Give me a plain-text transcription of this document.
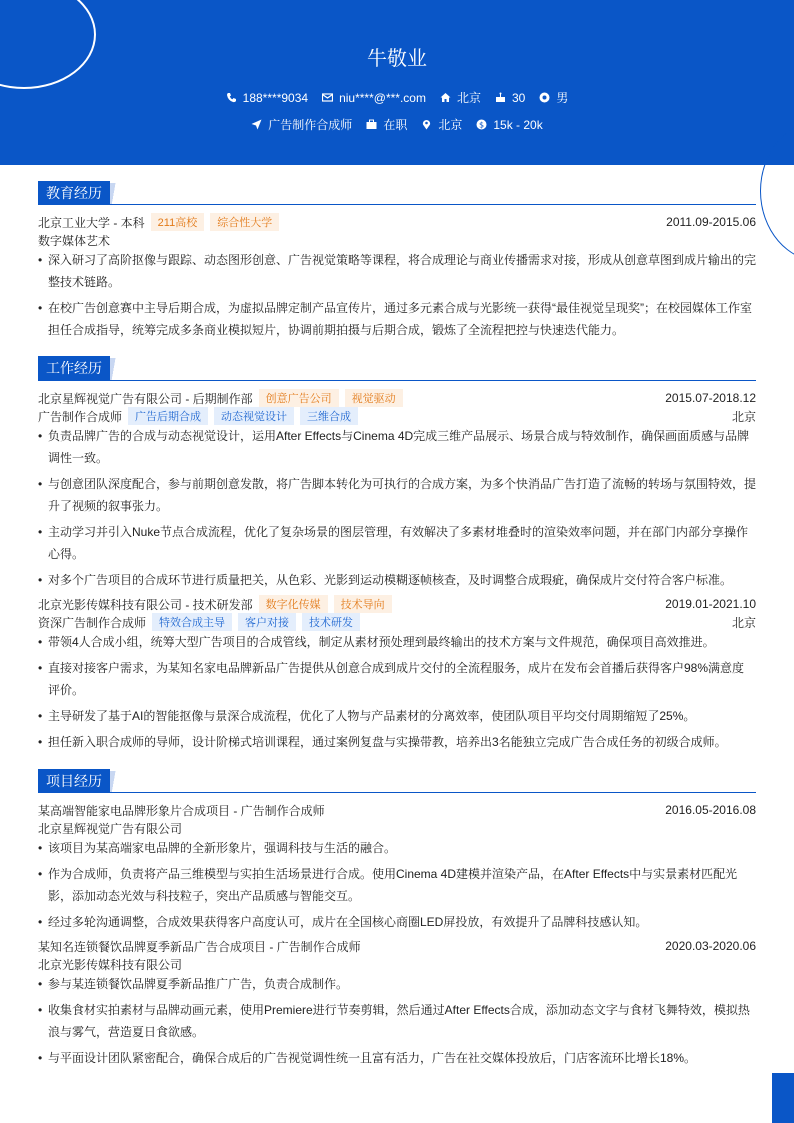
牛敬业
188****9034	niu****@***.com	北京	30	男
广告制作合成师	在职	北京 $ 15k - 20k
教育经历
北京工业大学 - 本科	211高校	综合性大学	2011.09-2015.06
数字媒体艺术
• 深入研习了高阶抠像与跟踪、动态图形创意、广告视觉策略等课程，将合成理论与商业传播需求对接，形成从创意草图到成片输出的完整技术链路。
• 在校广告创意赛中主导后期合成，为虚拟品牌定制产品宣传片，通过多元素合成与光影统一获得“最佳视觉呈现奖”；在校园媒体工作室担任合成指导，统筹完成多条商业模拟短片，协调前期拍摄与后期合成，锻炼了全流程把控与快速迭代能力。
工作经历
北京星辉视觉广告有限公司 - 后期制作部	创意广告公司	视觉驱动	2015.07-2018.12
广告制作合成师	广告后期合成	动态视觉设计	三维合成	北京
• 负责品牌广告的合成与动态视觉设计，运用After Effects与Cinema 4D完成三维产品展示、场景合成与特效制作，确保画面质感与品牌调性一致。
• 与创意团队深度配合，参与前期创意发散，将广告脚本转化为可执行的合成方案，为多个快消品广告打造了流畅的转场与氛围特效，提升了视频的叙事张力。
• 主动学习并引入Nuke节点合成流程，优化了复杂场景的图层管理，有效解决了多素材堆叠时的渲染效率问题，并在部门内部分享操作心得。
• 对多个广告项目的合成环节进行质量把关，从色彩、光影到运动模糊逐帧核查，及时调整合成瑕疵，确保成片交付符合客户标准。
北京光影传媒科技有限公司 - 技术研发部	数字化传媒	技术导向	2019.01-2021.10
资深广告制作合成师	特效合成主导	客户对接	技术研发	北京
• 带领4人合成小组，统筹大型广告项目的合成管线，制定从素材预处理到最终输出的技术方案与文件规范，确保项目高效推进。
• 直接对接客户需求，为某知名家电品牌新品广告提供从创意合成到成片交付的全流程服务，成片在发布会首播后获得客户98%满意度评价。
• 主导研发了基于AI的智能抠像与景深合成流程，优化了人物与产品素材的分离效率，使团队项目平均交付周期缩短了25%。
• 担任新入职合成师的导师，设计阶梯式培训课程，通过案例复盘与实操带教，培养出3名能独立完成广告合成任务的初级合成师。
项目经历
某高端智能家电品牌形象片合成项目 - 广告制作合成师	2016.05-2016.08
北京星辉视觉广告有限公司
• 该项目为某高端家电品牌的全新形象片，强调科技与生活的融合。
• 作为合成师，负责将产品三维模型与实拍生活场景进行合成。使用Cinema 4D建模并渲染产品，在After Effects中与实景素材匹配光影，添加动态光效与科技粒子，突出产品质感与智能交互。
• 经过多轮沟通调整，合成效果获得客户高度认可，成片在全国核心商圈LED屏投放，有效提升了品牌科技感认知。
某知名连锁餐饮品牌夏季新品广告合成项目 - 广告制作合成师	2020.03-2020.06
北京光影传媒科技有限公司
• 参与某连锁餐饮品牌夏季新品推广广告，负责合成制作。
• 收集食材实拍素材与品牌动画元素，使用Premiere进行节奏剪辑，然后通过After Effects合成，添加动态文字与食材飞舞特效，模拟热浪与雾气，营造夏日食欲感。
• 与平面设计团队紧密配合，确保合成后的广告视觉调性统一且富有活力，广告在社交媒体投放后，门店客流环比增长18%。
